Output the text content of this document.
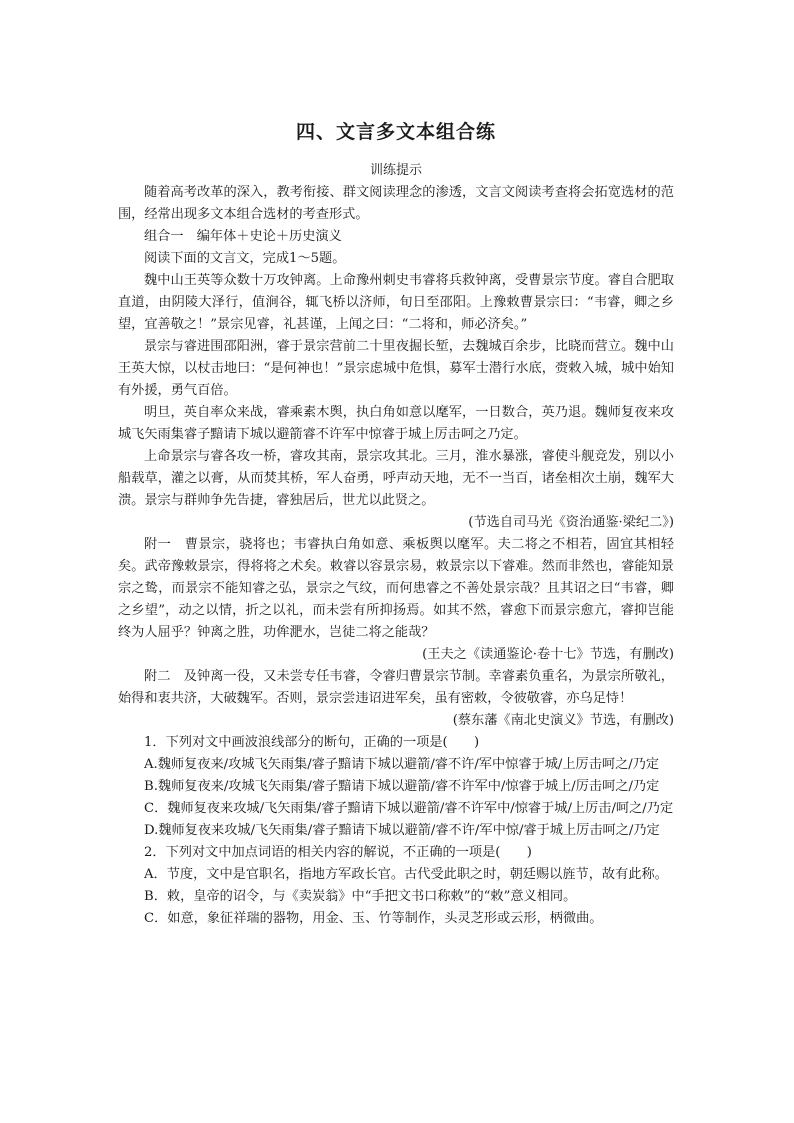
四、文言多文本组合练
训练提示

随着高考改革的深入，教考衔接、群文阅读理念的渗透，文言文阅读考查将会拓宽选材的范围，经常出现多文本组合选材的考查形式。

组合一　编年体＋史论＋历史演义

阅读下面的文言文，完成1～5题。

魏中山王英等众数十万攻钟离。上命豫州刺史韦睿将兵救钟离，受曹景宗节度。睿自合肥取直道，由阴陵大泽行，值涧谷，辄飞桥以济师，旬日至邵阳。上豫敕曹景宗曰：“韦睿，卿之乡望，宜善敬之！”景宗见睿，礼甚谨，上闻之曰：“二将和，师必济矣。”

景宗与睿进围邵阳洲，睿于景宗营前二十里夜掘长堑，去魏城百余步，比晓而营立。魏中山王英大惊，以杖击地曰：“是何神也！”景宗虑城中危惧，募军士潜行水底，赍敕入城，城中始知有外援，勇气百倍。

明旦，英自率众来战，睿乘素木舆，执白角如意以麾军，一日数合，英乃退。魏师复夜来攻城飞矢雨集睿子黯请下城以避箭睿不许军中惊睿于城上厉击呵之乃定。

上命景宗与睿各攻一桥，睿攻其南，景宗攻其北。三月，淮水暴涨，睿使斗舰竞发，别以小船载草，灌之以膏，从而焚其桥，军人奋勇，呼声动天地，无不一当百，诸垒相次土崩，魏军大溃。景宗与群帅争先告捷，睿独居后，世尤以此贤之。

(节选自司马光《资治通鉴·梁纪二》)

附一　曹景宗，骁将也；韦睿执白角如意、乘板舆以麾军。夫二将之不相若，固宜其相轻矣。武帝豫敕景宗，得将将之术矣。敕睿以容景宗易，敕景宗以下睿难。然而非然也，睿能知景宗之鸷，而景宗不能知睿之弘，景宗之气纹，而何患睿之不善处景宗哉？且其诏之曰“韦睿，卿之乡望”，动之以情，折之以礼，而未尝有所抑扬焉。如其不然，睿愈下而景宗愈亢，睿抑岂能终为人屈乎？钟离之胜，功侔淝水，岂徒二将之能哉？

(王夫之《读通鉴论·卷十七》节选，有删改)

附二　及钟离一役，又未尝专任韦睿，令睿归曹景宗节制。幸睿素负重名，为景宗所敬礼，始得和衷共济，大破魏军。否则，景宗尝违诏进军矣，虽有密敕，令彼敬睿，亦乌足恃！

(蔡东藩《南北史演义》节选，有删改)

1．下列对文中画波浪线部分的断句，正确的一项是(　　)

A.魏师复夜来/攻城飞矢雨集/睿子黯请下城以避箭/睿不许/军中惊睿于城/上厉击呵之/乃定

B.魏师复夜来/攻城飞矢雨集/睿子黯请下城以避箭/睿不许军中/惊睿于城上/厉击呵之/乃定

C．魏师复夜来攻城/飞矢雨集/睿子黯请下城以避箭/睿不许军中/惊睿于城/上厉击/呵之/乃定

D.魏师复夜来攻城/飞矢雨集/睿子黯请下城以避箭/睿不许/军中惊/睿于城上厉击呵之/乃定

2．下列对文中加点词语的相关内容的解说，不正确的一项是(　　)

A．节度，文中是官职名，指地方军政长官。古代受此职之时，朝廷赐以旌节，故有此称。

B．敕，皇帝的诏令，与《卖炭翁》中“手把文书口称敕”的“敕”意义相同。

C．如意，象征祥瑞的器物，用金、玉、竹等制作，头灵芝形或云形，柄微曲。
